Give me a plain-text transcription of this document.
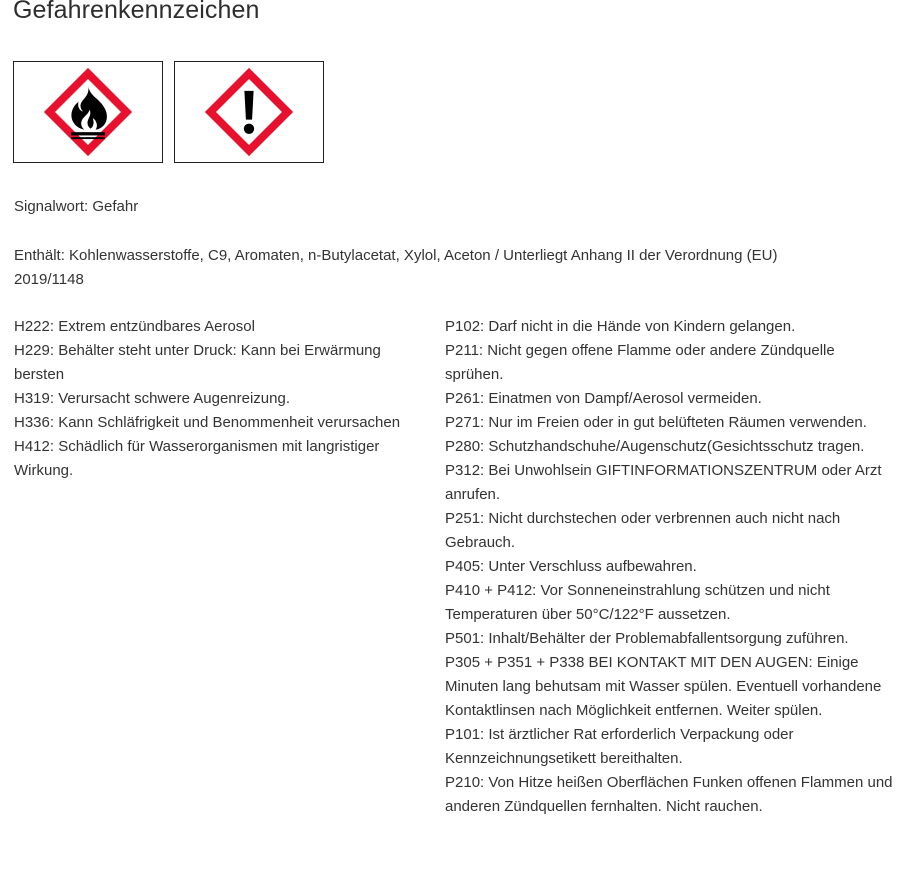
Gefahrenkennzeichen
Signalwort: Gefahr
Enthält: Kohlenwasserstoffe, C9, Aromaten, n-Butylacetat, Xylol, Aceton / Unterliegt Anhang II der Verordnung (EU) 2019/1148

H222: Extrem entzündbares Aerosol

H229: Behälter steht unter Druck: Kann bei Erwärmung bersten

H319: Verursacht schwere Augenreizung.

H336: Kann Schläfrigkeit und Benommenheit verursachen

H412: Schädlich für Wasserorganismen mit langristiger Wirkung.

P102: Darf nicht in die Hände von Kindern gelangen.

P211: Nicht gegen offene Flamme oder andere Zündquelle sprühen.

P261: Einatmen von Dampf/Aerosol vermeiden.

P271: Nur im Freien oder in gut belüfteten Räumen verwenden.

P280: Schutzhandschuhe/Augenschutz(Gesichtsschutz tragen.

P312: Bei Unwohlsein GIFTINFORMATIONSZENTRUM oder Arzt anrufen.

P251: Nicht durchstechen oder verbrennen auch nicht nach Gebrauch.

P405: Unter Verschluss aufbewahren.

P410 + P412: Vor Sonneneinstrahlung schützen und nicht Temperaturen über 50°C/122°F aussetzen.

P501: Inhalt/Behälter der Problemabfallentsorgung zuführen.

P305 + P351 + P338 BEI KONTAKT MIT DEN AUGEN: Einige Minuten lang behutsam mit Wasser spülen. Eventuell vorhandene Kontaktlinsen nach Möglichkeit entfernen. Weiter spülen.

P101: Ist ärztlicher Rat erforderlich Verpackung oder Kennzeichnungsetikett bereithalten.

P210: Von Hitze heißen Oberflächen Funken offenen Flammen und anderen Zündquellen fernhalten. Nicht rauchen.
